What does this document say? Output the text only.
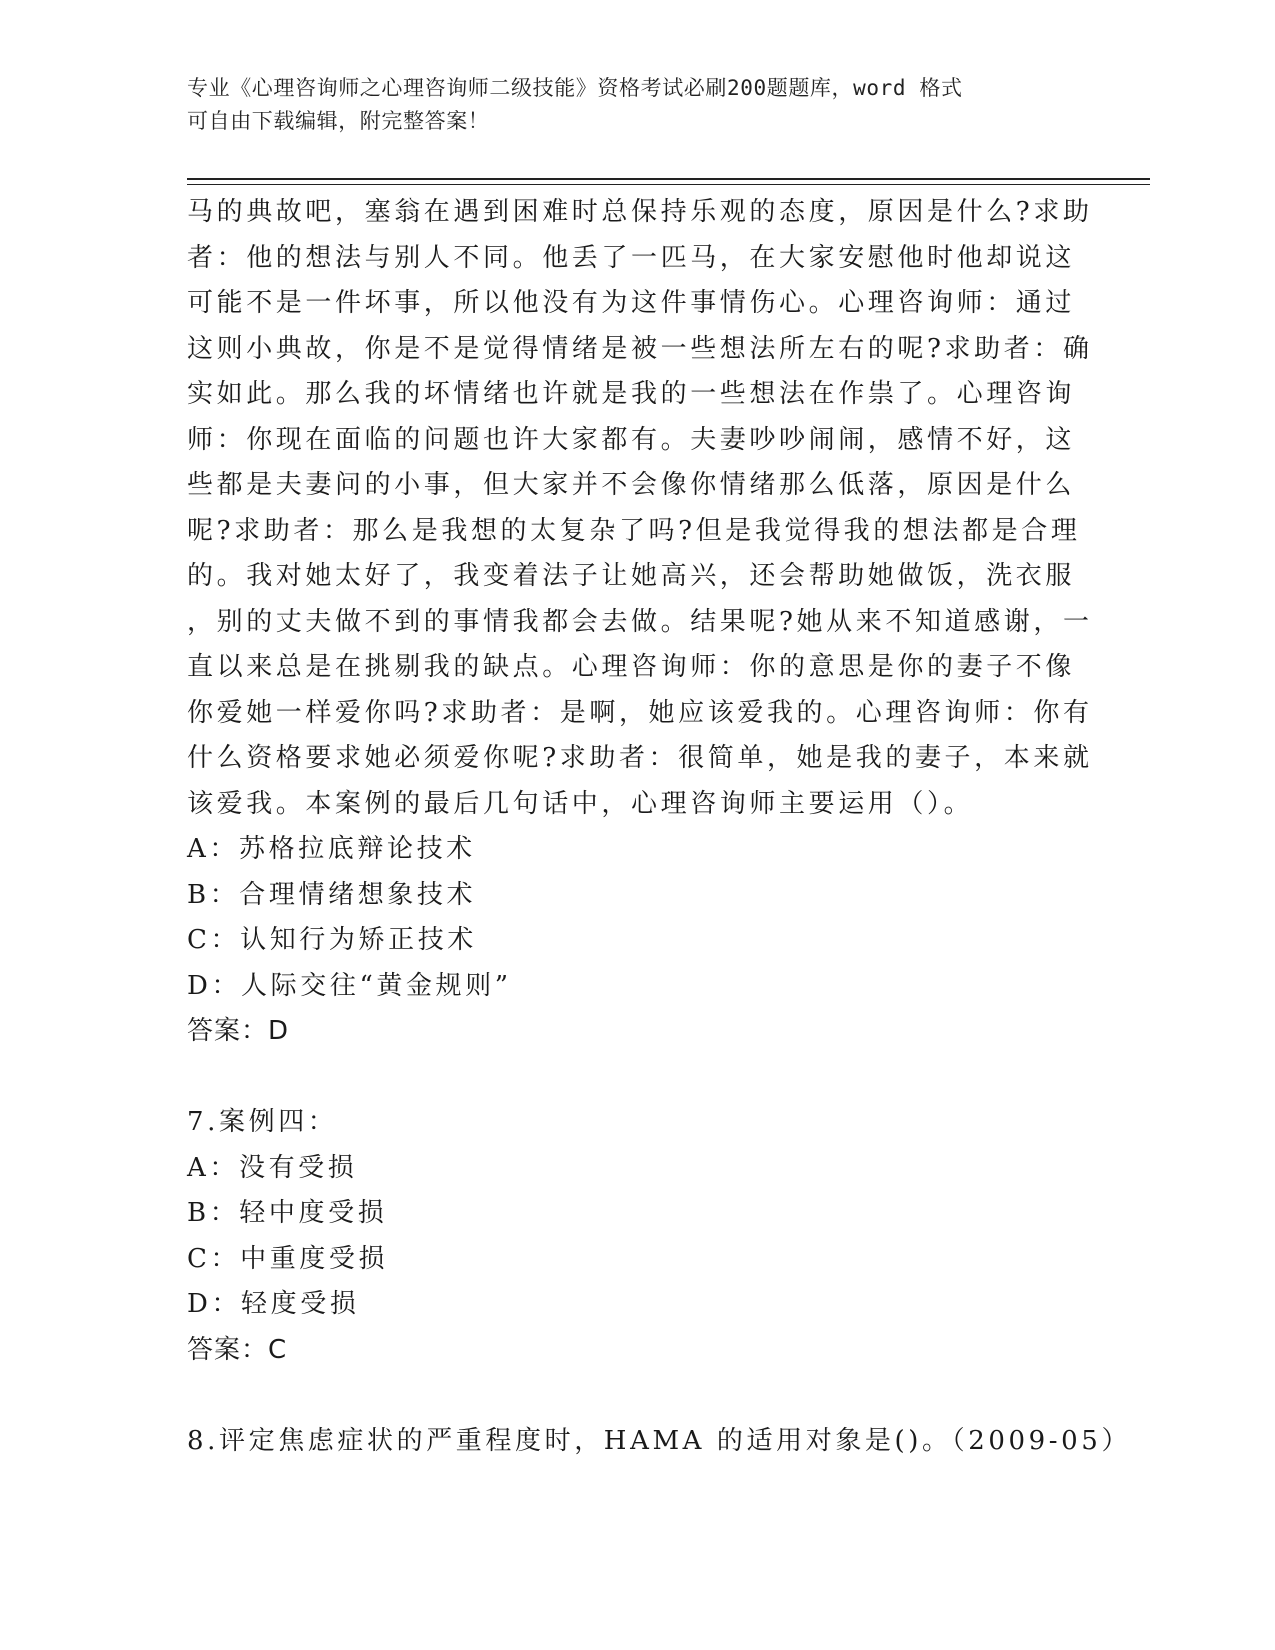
专业《心理咨询师之心理咨询师二级技能》资格考试必刷200题题库，word 格式
可自由下载编辑，附完整答案！
马的典故吧，塞翁在遇到困难时总保持乐观的态度，原因是什么?求助
者：他的想法与别人不同。他丢了一匹马，在大家安慰他时他却说这
可能不是一件坏事，所以他没有为这件事情伤心。心理咨询师：通过
这则小典故，你是不是觉得情绪是被一些想法所左右的呢?求助者：确
实如此。那么我的坏情绪也许就是我的一些想法在作祟了。心理咨询
师：你现在面临的问题也许大家都有。夫妻吵吵闹闹，感情不好，这
些都是夫妻问的小事，但大家并不会像你情绪那么低落，原因是什么
呢?求助者：那么是我想的太复杂了吗?但是我觉得我的想法都是合理
的。我对她太好了，我变着法子让她高兴，还会帮助她做饭，洗衣服
，别的丈夫做不到的事情我都会去做。结果呢?她从来不知道感谢，一
直以来总是在挑剔我的缺点。心理咨询师：你的意思是你的妻子不像
你爱她一样爱你吗?求助者：是啊，她应该爱我的。心理咨询师：你有
什么资格要求她必须爱你呢?求助者：很简单，她是我的妻子，本来就
该爱我。本案例的最后几句话中，心理咨询师主要运用（）。
A：苏格拉底辩论技术
B：合理情绪想象技术
C：认知行为矫正技术
D：人际交往“黄金规则”
答案：D
7.案例四：
A：没有受损
B：轻中度受损
C：中重度受损
D：轻度受损
答案：C
8.评定焦虑症状的严重程度时，HAMA 的适用对象是()。（2009-05）
